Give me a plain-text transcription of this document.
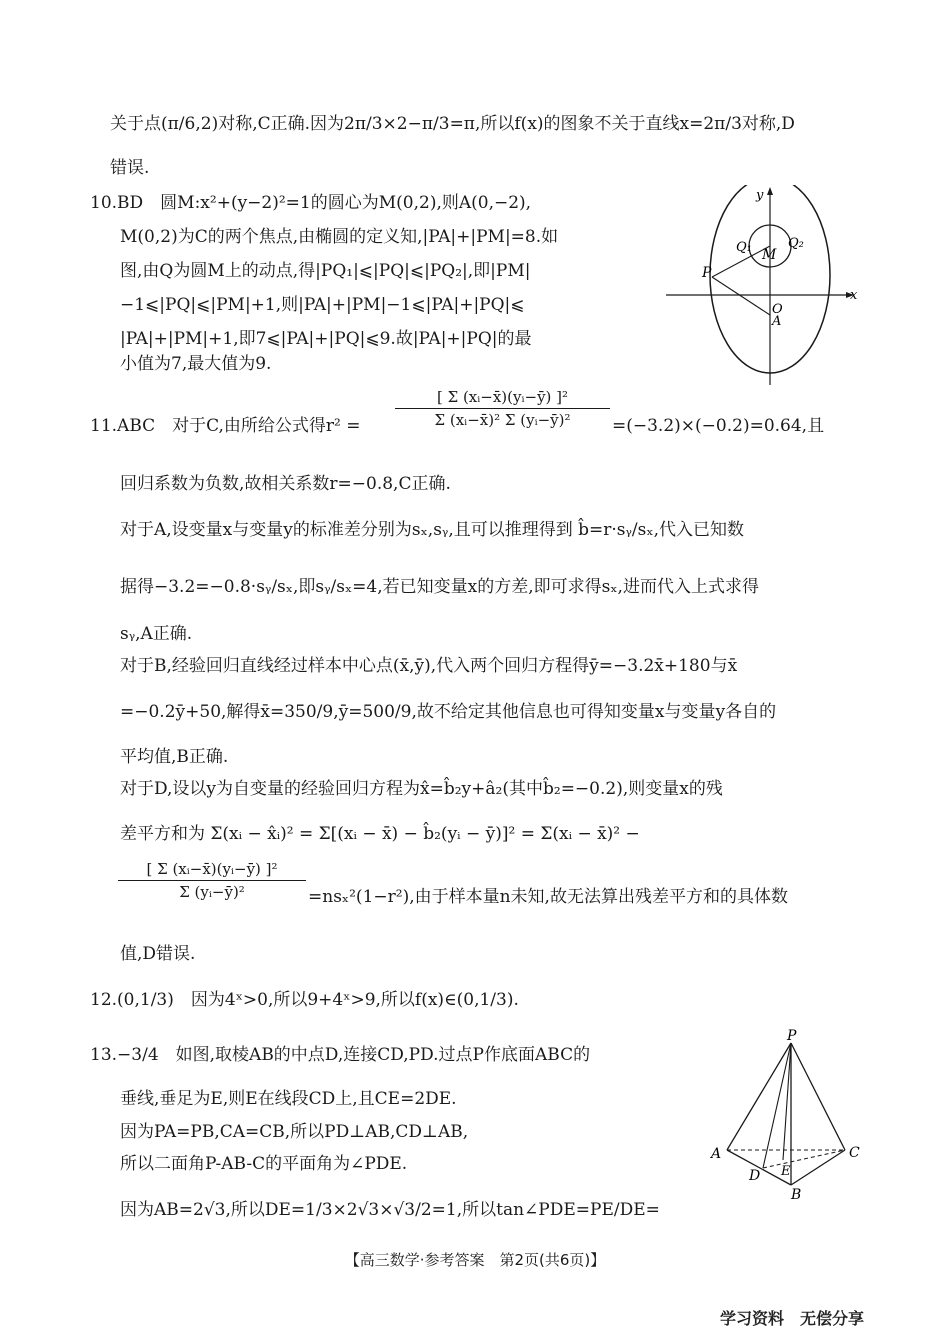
关于点(π/6,2)对称,C正确.因为2π/3×2−π/3=π,所以f(x)的图象不关于直线x=2π/3对称,D
错误.
10.BD　圆M:x²+(y−2)²=1的圆心为M(0,2),则A(0,−2),
M(0,2)为C的两个焦点,由椭圆的定义知,|PA|+|PM|=8.如
图,由Q为圆M上的动点,得|PQ₁|⩽|PQ|⩽|PQ₂|,即|PM|
−1⩽|PQ|⩽|PM|+1,则|PA|+|PM|−1⩽|PA|+|PQ|⩽
|PA|+|PM|+1,即7⩽|PA|+|PQ|⩽9.故|PA|+|PQ|的最
小值为7,最大值为9.
M
Q₁	Q₂
P
O
A
y
x
11.ABC　对于C,由所给公式得$r^2 = \frac{\text{[ Σ (xᵢ−x̄)(yᵢ−ȳ) ]²}}{\text{Σ (xᵢ−x̄)² Σ (yᵢ−ȳ)²}} =(-3.2)\times(-0.2)=0.64$,且
回归系数为负数,故相关系数r=−0.8,C正确.
对于A,设变量x与变量y的标准差分别为sₓ,sᵧ,且可以推理得到 b̂=r·sᵧ/sₓ,代入已知数
据得−3.2=−0.8·sᵧ/sₓ,即sᵧ/sₓ=4,若已知变量x的方差,即可求得sₓ,进而代入上式求得
sᵧ,A正确.
对于B,经验回归直线经过样本中心点(x̄,ȳ),代入两个回归方程得ȳ=−3.2x̄+180与x̄
=−0.2ȳ+50,解得x̄=350/9,ȳ=500/9,故不给定其他信息也可得知变量x与变量y各自的
平均值,B正确.
对于D,设以y为自变量的经验回归方程为x̂=b̂₂y+â₂(其中b̂₂=−0.2),则变量x的残
差平方和为 Σ(xᵢ − x̂ᵢ)² = Σ[(xᵢ − x̄) − b̂₂(yᵢ − ȳ)]² = Σ(xᵢ − x̄)² −
$\frac{\text{[ Σ (xᵢ−x̄)(yᵢ−ȳ) ]²}}{\text{Σ (yᵢ−ȳ)²}} =ns_x^2(1-r^2)$,由于样本量n未知,故无法算出残差平方和的具体数
值,D错误.
12.(0,1/3)　因为4ˣ>0,所以9+4ˣ>9,所以f(x)∈(0,1/3).
13.−3/4　如图,取棱AB的中点D,连接CD,PD.过点P作底面ABC的
垂线,垂足为E,则E在线段CD上,且CE=2DE.
因为PA=PB,CA=CB,所以PD⊥AB,CD⊥AB,
所以二面角P-AB-C的平面角为∠PDE.
因为AB=2√3,所以DE=1/3×2√3×√3/2=1,所以tan∠PDE=PE/DE=
P
A	C
B
D E
【高三数学·参考答案　第2页(共6页)】
学习资料　无偿分享
